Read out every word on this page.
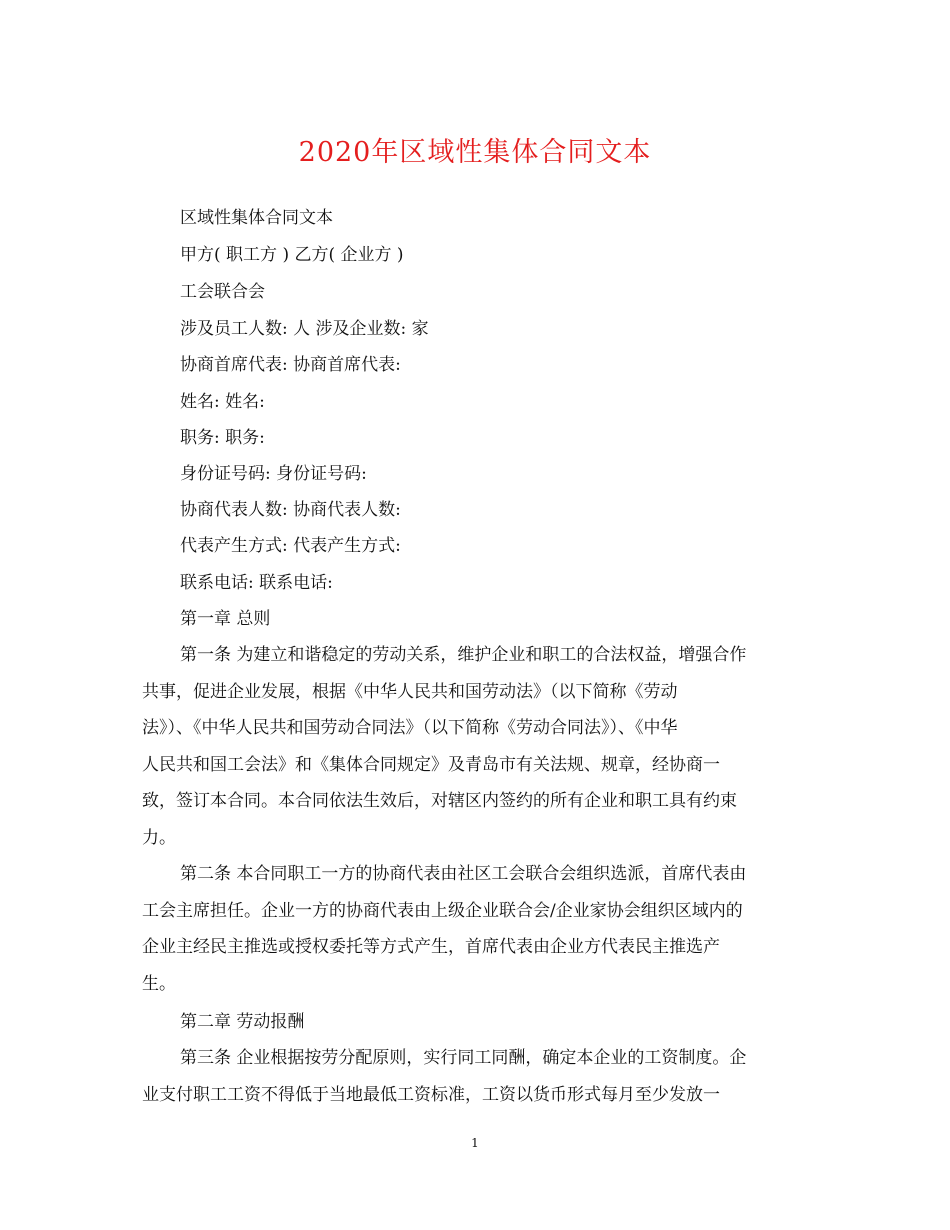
2020年区域性集体合同文本
区域性集体合同文本
甲方( 职工方 ) 乙方( 企业方 )
工会联合会
涉及员工人数: 人 涉及企业数: 家
协商首席代表: 协商首席代表:
姓名: 姓名:
职务: 职务:
身份证号码: 身份证号码:
协商代表人数: 协商代表人数:
代表产生方式: 代表产生方式:
联系电话: 联系电话:
第一章 总则
第一条 为建立和谐稳定的劳动关系，维护企业和职工的合法权益，增强合作
共事，促进企业发展，根据《中华人民共和国劳动法》（以下简称《劳动
法》）、《中华人民共和国劳动合同法》（以下简称《劳动合同法》）、《中华
人民共和国工会法》和《集体合同规定》及青岛市有关法规、规章，经协商一
致，签订本合同。本合同依法生效后，对辖区内签约的所有企业和职工具有约束
力。
第二条 本合同职工一方的协商代表由社区工会联合会组织选派，首席代表由
工会主席担任。企业一方的协商代表由上级企业联合会/企业家协会组织区域内的
企业主经民主推选或授权委托等方式产生，首席代表由企业方代表民主推选产
生。
第二章 劳动报酬
第三条 企业根据按劳分配原则，实行同工同酬，确定本企业的工资制度。企
业支付职工工资不得低于当地最低工资标准，工资以货币形式每月至少发放一
1
